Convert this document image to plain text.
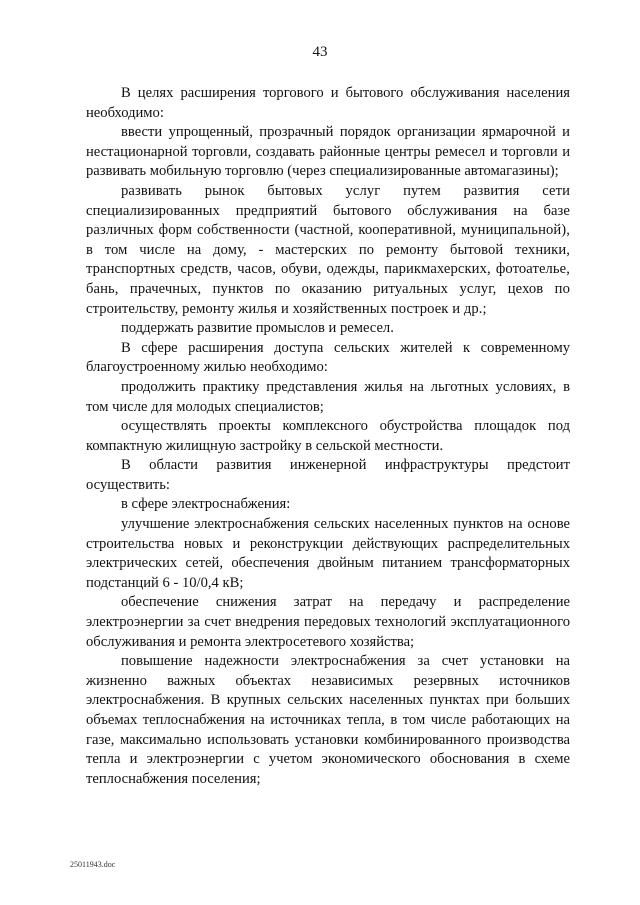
43

В целях расширения торгового и бытового обслуживания населения необходимо:

ввести упрощенный, прозрачный порядок организации ярмарочной и нестационарной торговли, создавать районные центры ремесел и торговли и развивать мобильную торговлю (через специализированные автомагазины);

развивать рынок бытовых услуг путем развития сети специализированных предприятий бытового обслуживания на базе различных форм собственности (частной, кооперативной, муниципальной), в том числе на дому, - мастерских по ремонту бытовой техники, транспортных средств, часов, обуви, одежды, парикмахерских, фотоателье, бань, прачечных, пунктов по оказанию ритуальных услуг, цехов по строительству, ремонту жилья и хозяйственных построек и др.;

поддержать развитие промыслов и ремесел.

В сфере расширения доступа сельских жителей к современному благоустроенному жилью необходимо:

продолжить практику представления жилья на льготных условиях, в том числе для молодых специалистов;

осуществлять проекты комплексного обустройства площадок под компактную жилищную застройку в сельской местности.

В области развития инженерной инфраструктуры предстоит осуществить:

в сфере электроснабжения:

улучшение электроснабжения сельских населенных пунктов на основе строительства новых и реконструкции действующих распределительных электрических сетей, обеспечения двойным питанием трансформаторных подстанций 6 - 10/0,4 кВ;

обеспечение снижения затрат на передачу и распределение электроэнергии за счет внедрения передовых технологий эксплуатационного обслуживания и ремонта электросетевого хозяйства;

повышение надежности электроснабжения за счет установки на жизненно важных объектах независимых резервных источников электроснабжения. В крупных сельских населенных пунктах при больших объемах теплоснабжения на источниках тепла, в том числе работающих на газе, максимально использовать установки комбинированного производства тепла и электроэнергии с учетом экономического обоснования в схеме теплоснабжения поселения;

25011943.doc
